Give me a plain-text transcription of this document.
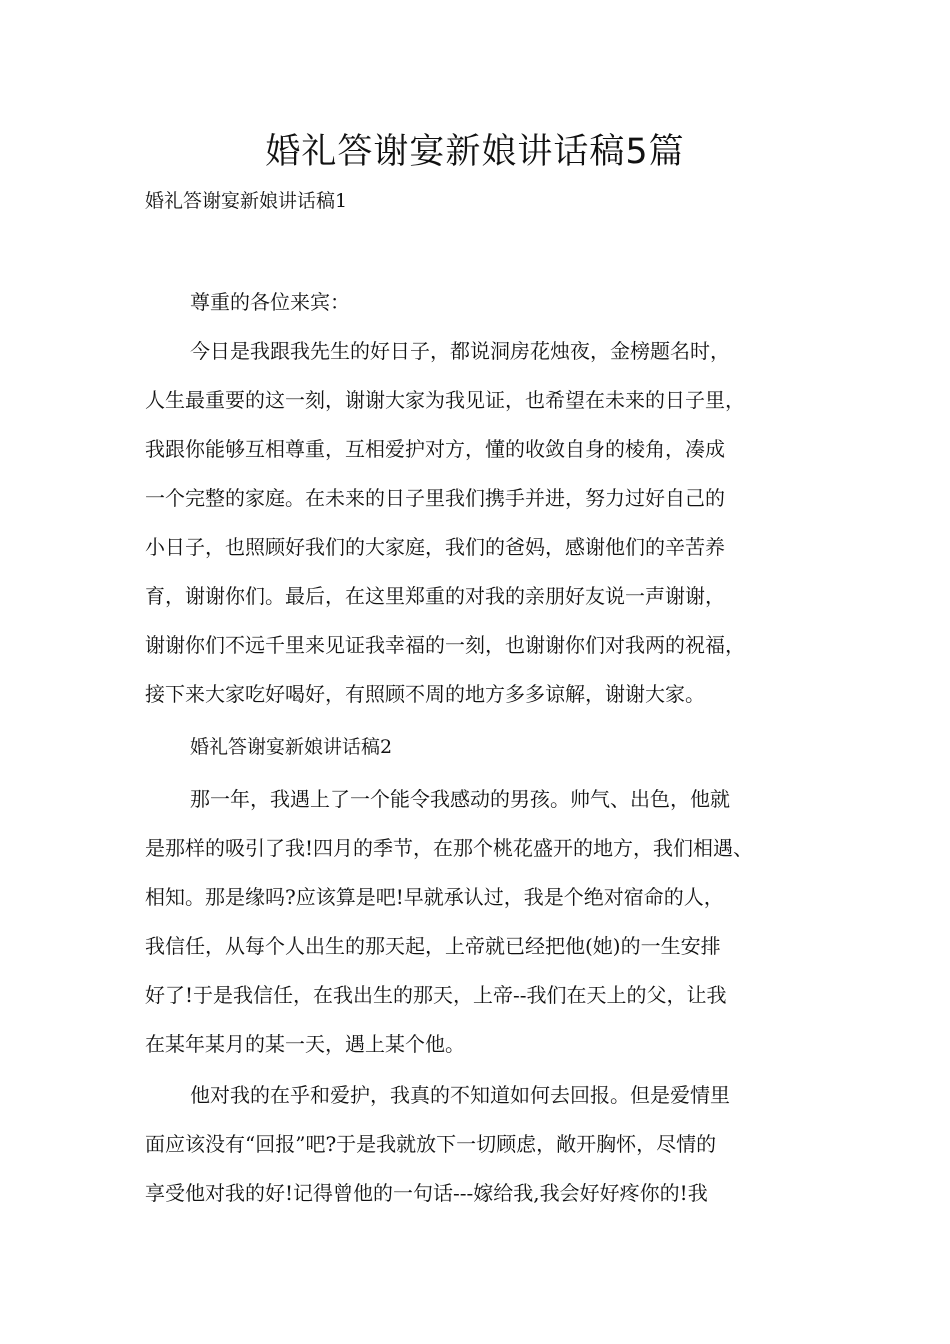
婚礼答谢宴新娘讲话稿5篇

婚礼答谢宴新娘讲话稿1

尊重的各位来宾：

今日是我跟我先生的好日子，都说洞房花烛夜，金榜题名时，

人生最重要的这一刻，谢谢大家为我见证，也希望在未来的日子里，

我跟你能够互相尊重，互相爱护对方，懂的收敛自身的棱角，凑成

一个完整的家庭。在未来的日子里我们携手并进，努力过好自己的

小日子，也照顾好我们的大家庭，我们的爸妈，感谢他们的辛苦养

育，谢谢你们。最后，在这里郑重的对我的亲朋好友说一声谢谢，

谢谢你们不远千里来见证我幸福的一刻，也谢谢你们对我两的祝福，

接下来大家吃好喝好，有照顾不周的地方多多谅解，谢谢大家。

婚礼答谢宴新娘讲话稿2

那一年，我遇上了一个能令我感动的男孩。帅气、出色，他就

是那样的吸引了我!四月的季节，在那个桃花盛开的地方，我们相遇、

相知。那是缘吗?应该算是吧!早就承认过，我是个绝对宿命的人，

我信任，从每个人出生的那天起，上帝就已经把他(她)的一生安排

好了!于是我信任，在我出生的那天，上帝--我们在天上的父，让我

在某年某月的某一天，遇上某个他。

他对我的在乎和爱护，我真的不知道如何去回报。但是爱情里

面应该没有“回报”吧?于是我就放下一切顾虑，敞开胸怀，尽情的

享受他对我的好!记得曾他的一句话---嫁给我,我会好好疼你的!我
